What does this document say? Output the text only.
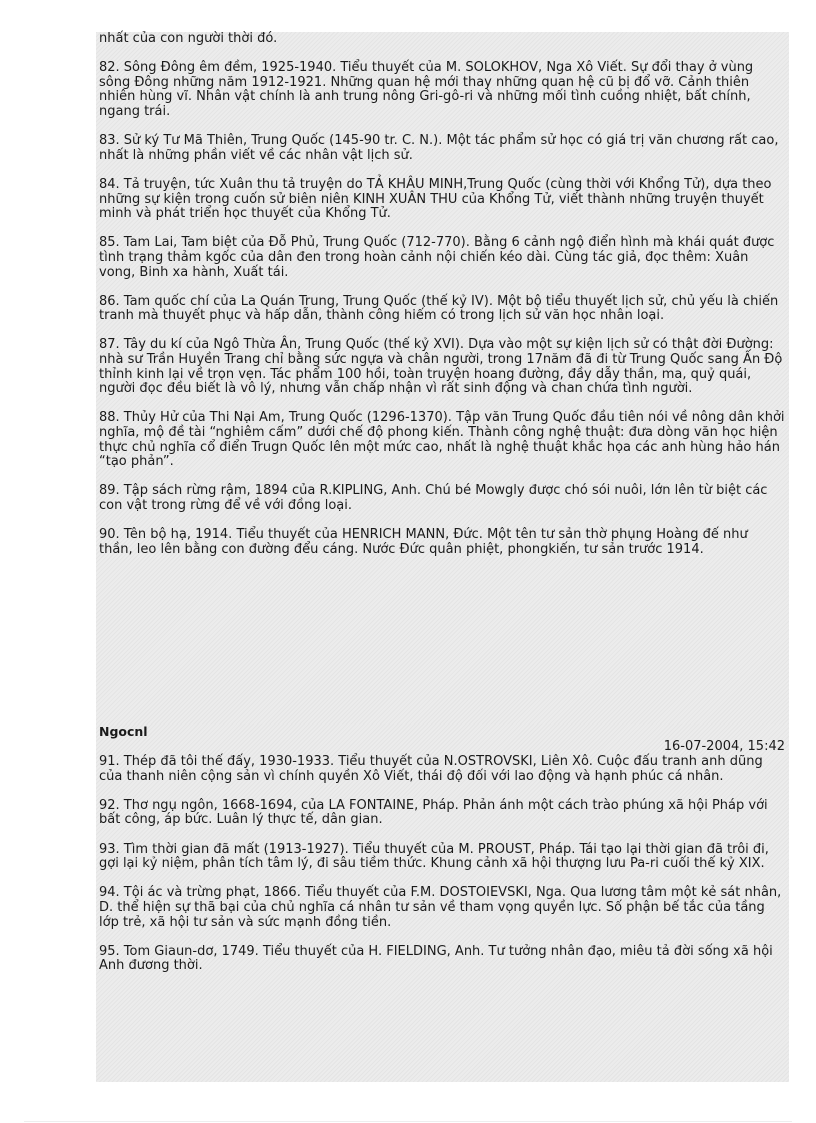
nhất của con người thời đó.

82. Sông Đông êm đềm, 1925-1940. Tiểu thuyết của M. SOLOKHOV, Nga Xô Viết. Sự đổi thay ở vùng sông Đông những năm 1912-1921. Những quan hệ mới thay những quan hệ cũ bị đổ vỡ. Cảnh thiên nhiên hùng vĩ. Nhân vật chính là anh trung nông Gri-gô-ri và những mối tình cuồng nhiệt, bất chính, ngang trái.

83. Sử ký Tư Mã Thiên, Trung Quốc (145-90 tr. C. N.). Một tác phẩm sử học có giá trị văn chương rất cao, nhất là những phần viết về các nhân vật lịch sử.

84. Tả truyện, tức Xuân thu tả truyện do TẢ KHÂU MINH,Trung Quốc (cùng thời với Khổng Tử), dựa theo những sự kiện trong cuốn sử biên niên KINH XUÂN THU của Khổng Tử, viết thành những truyện thuyết minh và phát triển học thuyết của Khổng Tử.

85. Tam Lai, Tam biệt của Đỗ Phủ, Trung Quốc (712-770). Bằng 6 cảnh ngộ điển hình mà khái quát được tình trạng thảm kgốc của dân đen trong hoàn cảnh nội chiến kéo dài. Cùng tác giả, đọc thêm: Xuân vong, Binh xa hành, Xuất tái.

86. Tam quốc chí của La Quán Trung, Trung Quốc (thế kỷ IV). Một bộ tiểu thuyết lịch sử, chủ yếu là chiến tranh mà thuyết phục và hấp dẫn, thành công hiếm có trong lịch sử văn học nhân loại.

87. Tây du kí của Ngô Thừa Ân, Trung Quốc (thế kỷ XVI). Dựa vào một sự kiện lịch sử có thật đời Đường: nhà sư Trần Huyền Trang chỉ bằng sức ngựa và chân người, trong 17năm đã đi từ Trung Quốc sang Ấn Độ thỉnh kinh lại về trọn vẹn. Tác phẩm 100 hồi, toàn truyện hoang đường, đầy dẫy thần, ma, quỷ quái, người đọc đều biết là vô lý, nhưng vẫn chấp nhận vì rất sinh động và chan chứa tình người.

88. Thủy Hử của Thi Nại Am, Trung Quốc (1296-1370). Tập văn Trung Quốc đầu tiên nói về nông dân khởi nghĩa, mộ đề tài “nghiêm cấm” dưới chế độ phong kiến. Thành công nghệ thuật: đưa dòng văn học hiện thực chủ nghĩa cổ điển Trugn Quốc lên một mức cao, nhất là nghệ thuật khắc họa các anh hùng hảo hán “tạo phản”.

89. Tập sách rừng rậm, 1894 của R.KIPLING, Anh. Chú bé Mowgly được chó sói nuôi, lớn lên từ biệt các con vật trong rừng để về với đồng loại.

90. Tên bộ hạ, 1914. Tiểu thuyết của HENRICH MANN, Đức. Một tên tư sản thờ phụng Hoàng đế như thần, leo lên bằng con đường đểu cáng. Nước Đức quân phiệt, phongkiến, tư sản trước 1914.

Ngocnl
16-07-2004, 15:42

91. Thép đã tôi thế đấy, 1930-1933. Tiểu thuyết của N.OSTROVSKI, Liên Xô. Cuộc đấu tranh anh dũng của thanh niên cộng sản vì chính quyền Xô Viết, thái độ đối với lao động và hạnh phúc cá nhân.

92. Thơ ngụ ngôn, 1668-1694, của LA FONTAINE, Pháp. Phản ánh một cách trào phúng xã hội Pháp với bất công, áp bức. Luân lý thực tế, dân gian.

93. Tìm thời gian đã mất (1913-1927). Tiểu thuyết của M. PROUST, Pháp. Tái tạo lại thời gian đã trôi đi, gợi lại kỷ niệm, phân tích tâm lý, đi sâu tiềm thức. Khung cảnh xã hội thượng lưu Pa-ri cuối thế kỷ XIX.

94. Tội ác và trừng phạt, 1866. Tiểu thuyết của F.M. DOSTOIEVSKI, Nga. Qua lương tâm một kẻ sát nhân, D. thể hiện sự thã bại của chủ nghĩa cá nhân tư sản về tham vọng quyền lực. Số phận bế tắc của tầng lớp trẻ, xã hội tư sản và sức mạnh đồng tiền.

95. Tom Giaun-dơ, 1749. Tiểu thuyết của H. FIELDING, Anh. Tư tưởng nhân đạo, miêu tả đời sống xã hội Anh đương thời.
